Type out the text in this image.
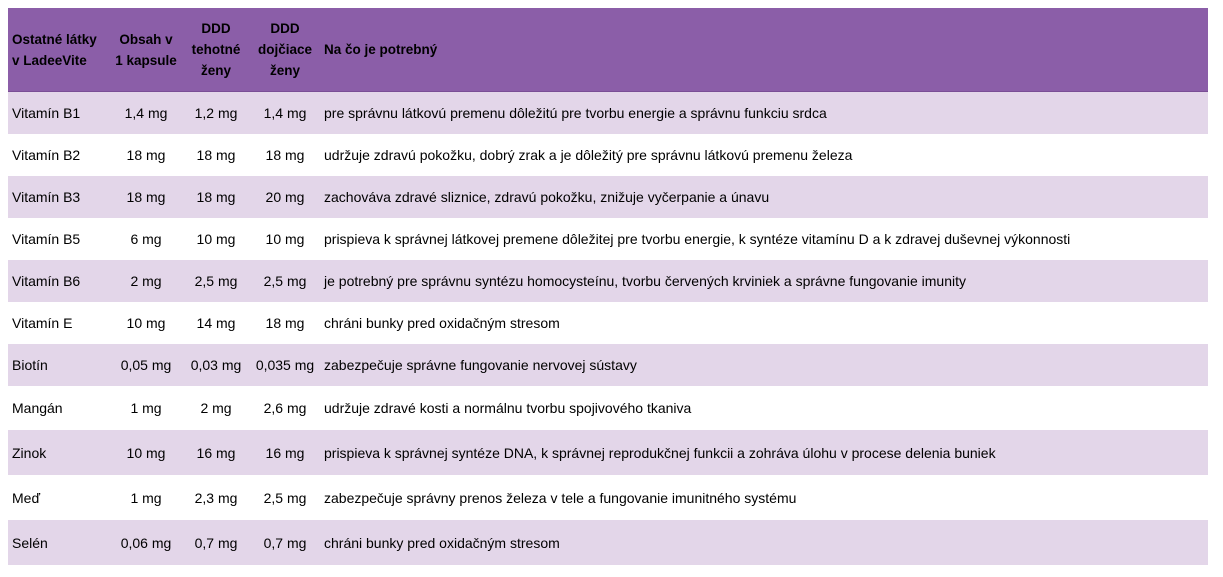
Ostatné látky v LadeeVite	Obsah v 1 kapsule	DDD tehotné ženy	DDD dojčiace ženy	Na čo je potrebný
Vitamín B1	1,4 mg	1,2 mg	1,4 mg	pre správnu látkovú premenu dôležitú pre tvorbu energie a správnu funkciu srdca
Vitamín B2	18 mg	18 mg	18 mg	udržuje zdravú pokožku, dobrý zrak a je dôležitý pre správnu látkovú premenu železa
Vitamín B3	18 mg	18 mg	20 mg	zachováva zdravé sliznice, zdravú pokožku, znižuje vyčerpanie a únavu
Vitamín B5	6 mg	10 mg	10 mg	prispieva k správnej látkovej premene dôležitej pre tvorbu energie, k syntéze vitamínu D a k zdravej duševnej výkonnosti
Vitamín B6	2 mg	2,5 mg	2,5 mg	je potrebný pre správnu syntézu homocysteínu, tvorbu červených krviniek a správne fungovanie imunity
Vitamín E	10 mg	14 mg	18 mg	chráni bunky pred oxidačným stresom
Biotín	0,05 mg	0,03 mg	0,035 mg	zabezpečuje správne fungovanie nervovej sústavy
Mangán	1 mg	2 mg	2,6 mg	udržuje zdravé kosti a normálnu tvorbu spojivového tkaniva
Zinok	10 mg	16 mg	16 mg	prispieva k správnej syntéze DNA, k správnej reprodukčnej funkcii a zohráva úlohu v procese delenia buniek
Meď	1 mg	2,3 mg	2,5 mg	zabezpečuje správny prenos železa v tele a fungovanie imunitného systému
Selén	0,06 mg	0,7 mg	0,7 mg	chráni bunky pred oxidačným stresom
